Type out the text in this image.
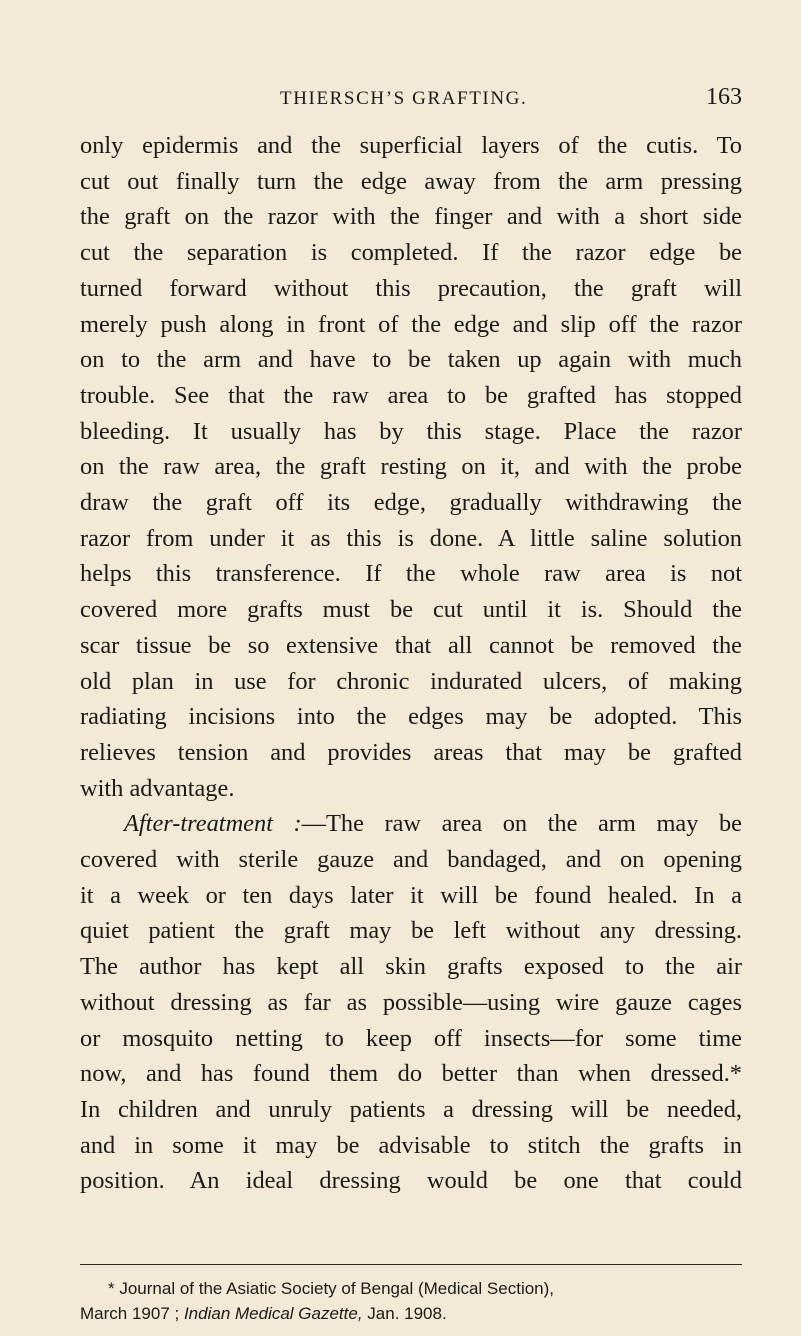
THIERSCH’S GRAFTING.	163
only epidermis and the superficial layers of the cutis. To
cut out finally turn the edge away from the arm pressing
the graft on the razor with the finger and with a short side
cut the separation is completed. If the razor edge be
turned forward without this precaution, the graft will
merely push along in front of the edge and slip off the razor
on to the arm and have to be taken up again with much
trouble. See that the raw area to be grafted has stopped
bleeding. It usually has by this stage. Place the razor
on the raw area, the graft resting on it, and with the probe
draw the graft off its edge, gradually withdrawing the
razor from under it as this is done. A little saline solution
helps this transference. If the whole raw area is not
covered more grafts must be cut until it is. Should the
scar tissue be so extensive that all cannot be removed the
old plan in use for chronic indurated ulcers, of making
radiating incisions into the edges may be adopted. This
relieves tension and provides areas that may be grafted
with advantage.
After-treatment :—The raw area on the arm may be
covered with sterile gauze and bandaged, and on opening
it a week or ten days later it will be found healed. In a
quiet patient the graft may be left without any dressing.
The author has kept all skin grafts exposed to the air
without dressing as far as possible—using wire gauze cages
or mosquito netting to keep off insects—for some time
now, and has found them do better than when dressed.*
In children and unruly patients a dressing will be needed,
and in some it may be advisable to stitch the grafts in
position. An ideal dressing would be one that could
* Journal of the Asiatic Society of Bengal (Medical Section),
March 1907 ; Indian Medical Gazette, Jan. 1908.
